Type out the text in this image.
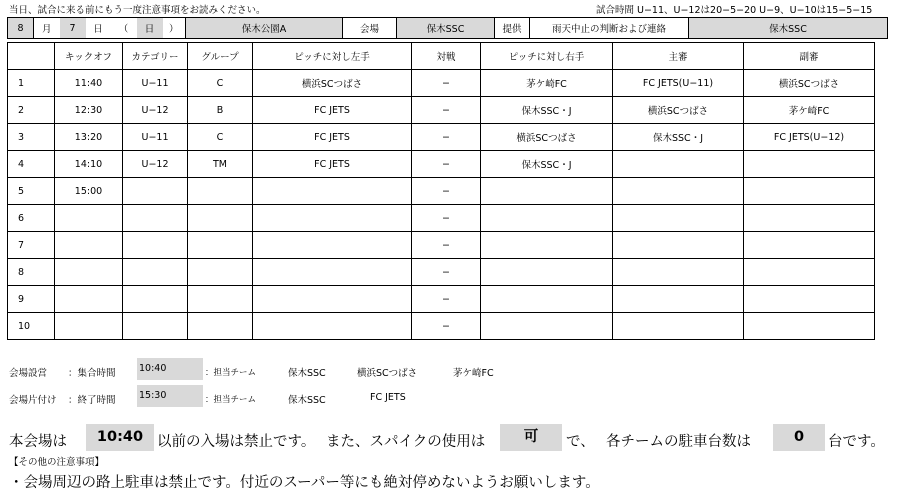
当日、試合に来る前にもう一度注意事項をお読みください。	試合時間 U−11、U−12は20−5−20 U−9、U−10は15−5−15
8	月	7	日	（	日	）	保木公園A	会場	保木SSC	提供	雨天中止の判断および連絡	保木SSC
	キックオフ	カテゴリー	グループ	ピッチに対し左手	対戦	ピッチに対し右手	主審	副審
1	11:40	U−11	C	横浜SCつばさ	−	茅ケ崎FC	FC JETS(U−11)	横浜SCつばさ
2	12:30	U−12	B	FC JETS	−	保木SSC・J	横浜SCつばさ	茅ケ崎FC
3	13:20	U−11	C	FC JETS	−	横浜SCつばさ	保木SSC・J	FC JETS(U−12)
4	14:10	U−12	TM	FC JETS	−	保木SSC・J		
5	15:00				−			
6					−			
7					−			
8					−			
9					−			
10					−			
会場設営 ：集合時間 10:40	：担当チーム	保木SSC	横浜SCつばさ	茅ケ崎FC
会場片付け ：終了時間 15:30	：担当チーム	保木SSC	FC JETS
本会場は	10:40 以前の入場は禁止です。 また、スパイクの使用は	可	で、 各チームの駐車台数は	0	台です。
【その他の注意事項】
・会場周辺の路上駐車は禁止です。付近のスーパー等にも絶対停めないようお願いします。
